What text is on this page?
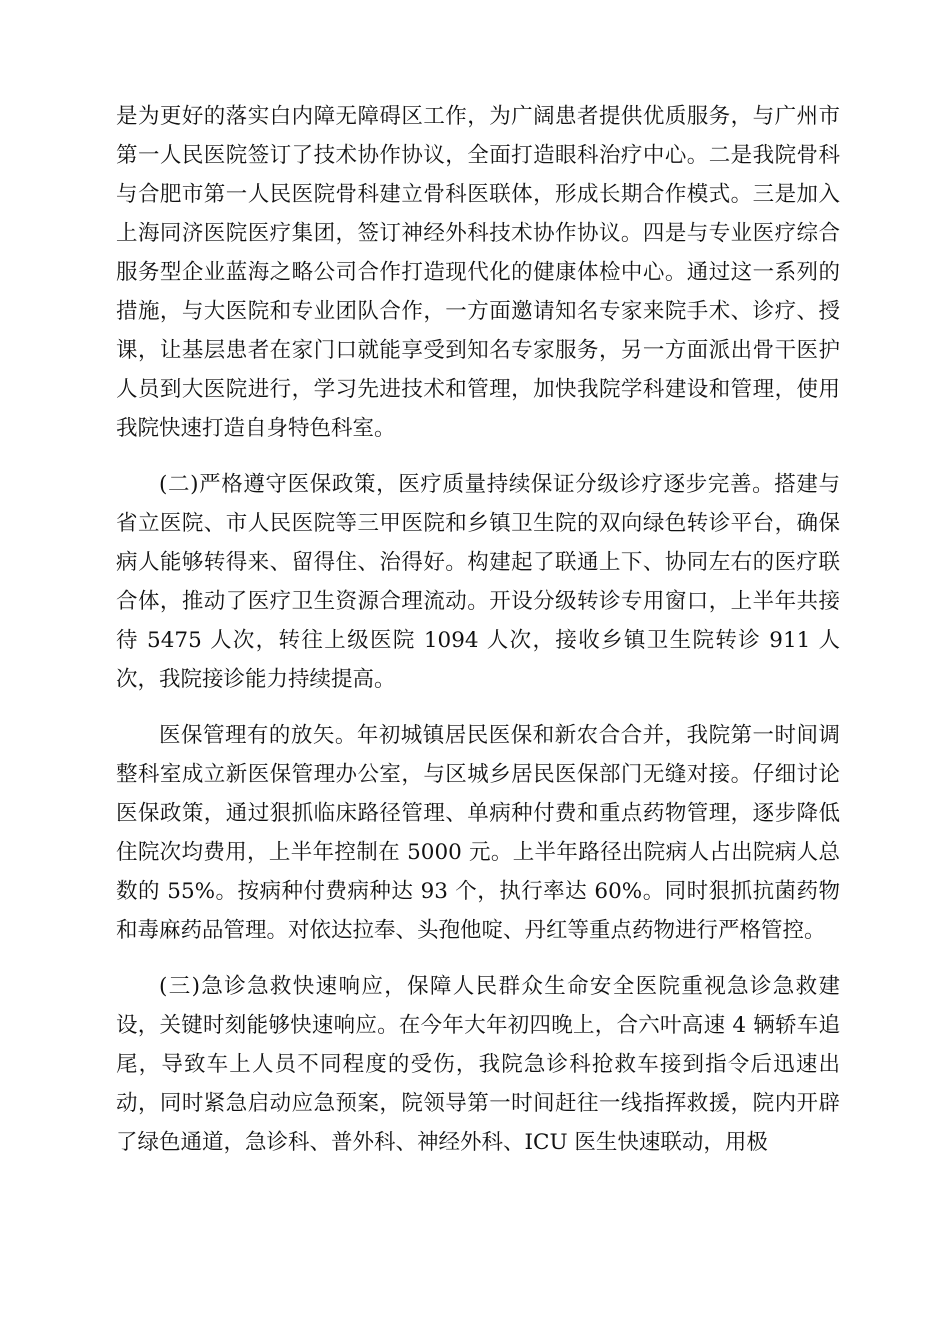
是为更好的落实白内障无障碍区工作，为广阔患者提供优质服务，与广州市第一人民医院签订了技术协作协议，全面打造眼科治疗中心。二是我院骨科与合肥市第一人民医院骨科建立骨科医联体，形成长期合作模式。三是加入上海同济医院医疗集团，签订神经外科技术协作协议。四是与专业医疗综合服务型企业蓝海之略公司合作打造现代化的健康体检中心。通过这一系列的措施，与大医院和专业团队合作，一方面邀请知名专家来院手术、诊疗、授课，让基层患者在家门口就能享受到知名专家服务，另一方面派出骨干医护人员到大医院进行，学习先进技术和管理，加快我院学科建设和管理，使用我院快速打造自身特色科室。

(二)严格遵守医保政策，医疗质量持续保证分级诊疗逐步完善。搭建与省立医院、市人民医院等三甲医院和乡镇卫生院的双向绿色转诊平台，确保病人能够转得来、留得住、治得好。构建起了联通上下、协同左右的医疗联合体，推动了医疗卫生资源合理流动。开设分级转诊专用窗口，上半年共接待 5475 人次，转往上级医院 1094 人次，接收乡镇卫生院转诊 911 人次，我院接诊能力持续提高。

医保管理有的放矢。年初城镇居民医保和新农合合并，我院第一时间调整科室成立新医保管理办公室，与区城乡居民医保部门无缝对接。仔细讨论医保政策，通过狠抓临床路径管理、单病种付费和重点药物管理，逐步降低住院次均费用，上半年控制在 5000 元。上半年路径出院病人占出院病人总数的 55%。按病种付费病种达 93 个，执行率达 60%。同时狠抓抗菌药物和毒麻药品管理。对依达拉奉、头孢他啶、丹红等重点药物进行严格管控。

(三)急诊急救快速响应，保障人民群众生命安全医院重视急诊急救建设，关键时刻能够快速响应。在今年大年初四晚上，合六叶高速 4 辆轿车追尾，导致车上人员不同程度的受伤，我院急诊科抢救车接到指令后迅速出动，同时紧急启动应急预案，院领导第一时间赶往一线指挥救援，院内开辟了绿色通道，急诊科、普外科、神经外科、ICU 医生快速联动，用极
